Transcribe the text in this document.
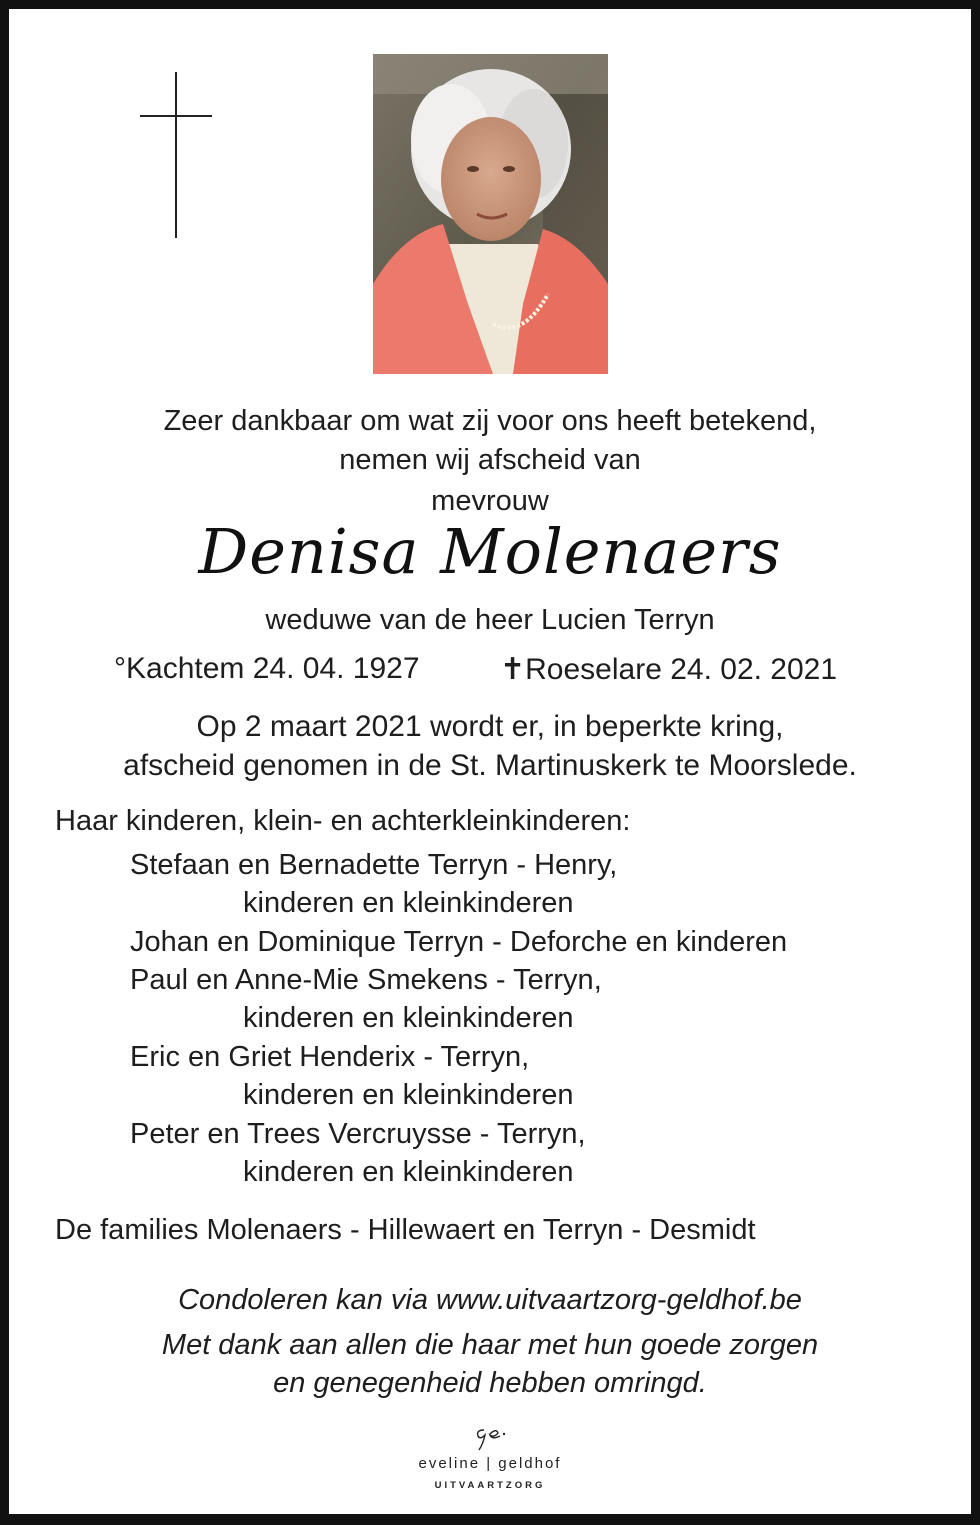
Zeer dankbaar om wat zij voor ons heeft betekend,
nemen wij afscheid van
mevrouw
Denisa Molenaers
weduwe van de heer Lucien Terryn
°Kachtem 24. 04. 1927	✝Roeselare 24. 02. 2021
Op 2 maart 2021 wordt er, in beperkte kring,
afscheid genomen in de St. Martinuskerk te Moorslede.
Haar kinderen, klein- en achterkleinkinderen:
Stefaan en Bernadette Terryn - Henry,
kinderen en kleinkinderen
Johan en Dominique Terryn - Deforche en kinderen
Paul en Anne-Mie Smekens - Terryn,
kinderen en kleinkinderen
Eric en Griet Henderix - Terryn,
kinderen en kleinkinderen
Peter en Trees Vercruysse - Terryn,
kinderen en kleinkinderen
De families Molenaers - Hillewaert en Terryn - Desmidt
Condoleren kan via www.uitvaartzorg-geldhof.be
Met dank aan allen die haar met hun goede zorgen
en genegenheid hebben omringd.
eveline | geldhof
UITVAARTZORG
